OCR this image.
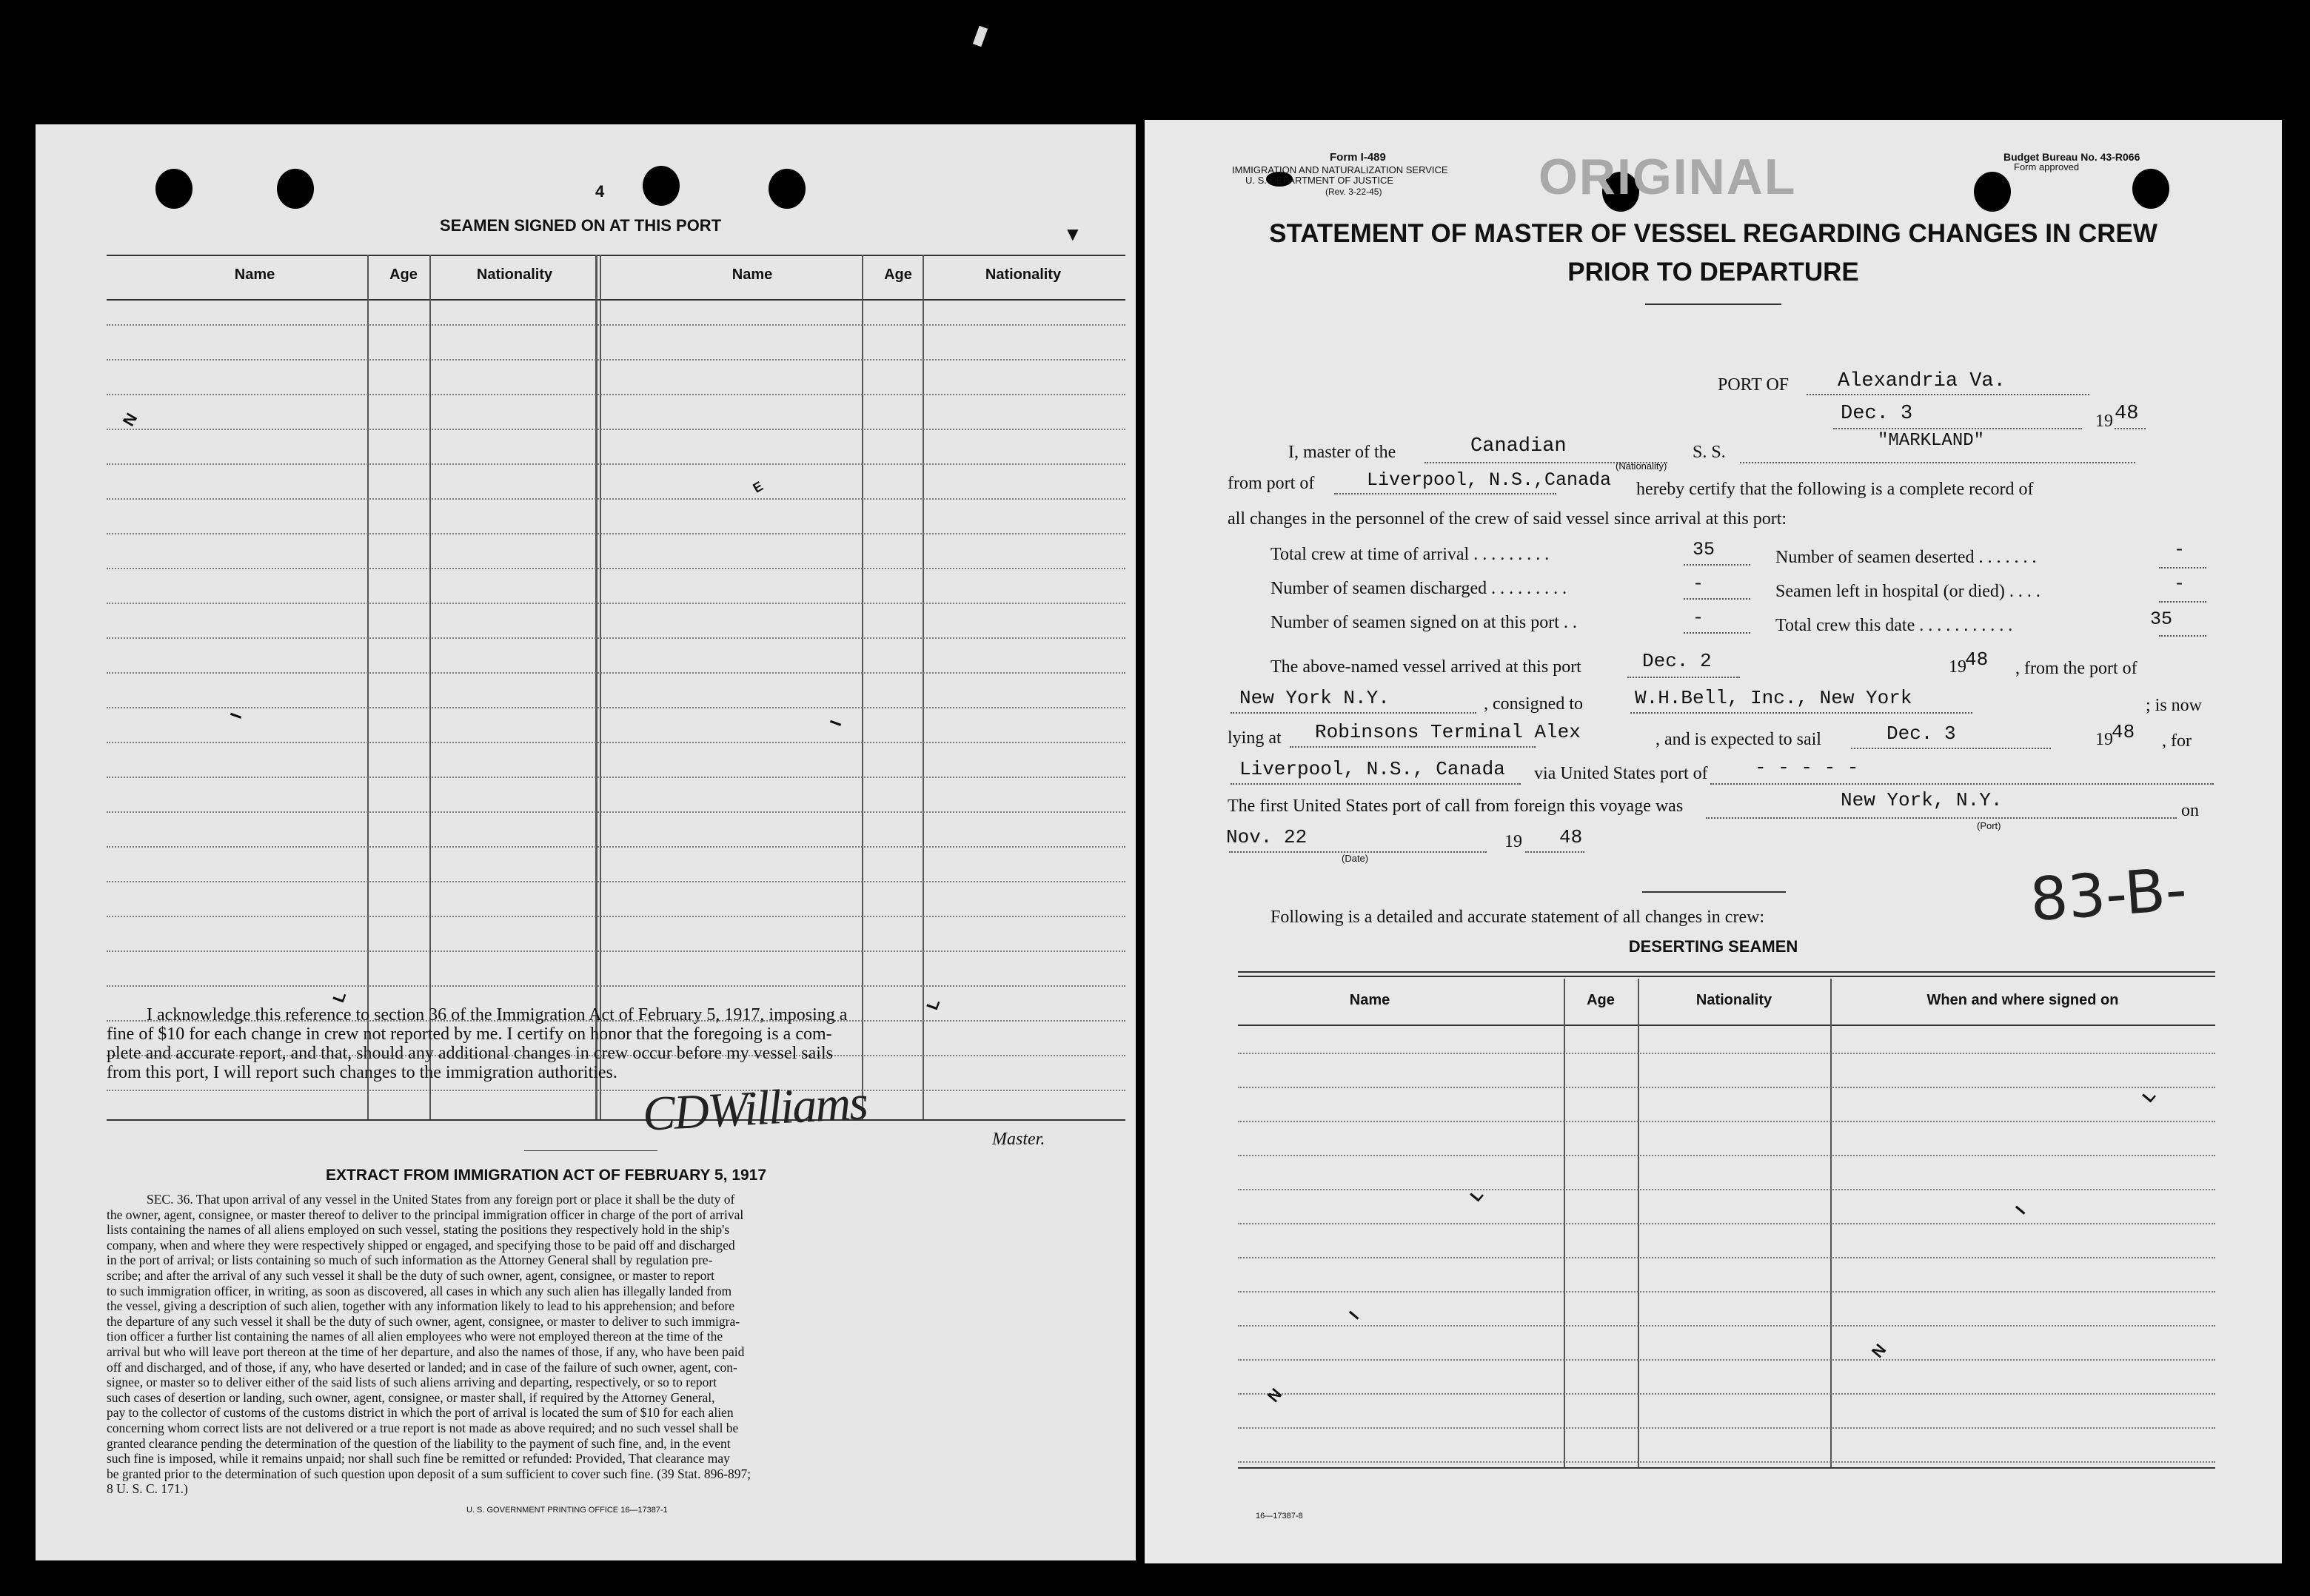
4
SEAMEN SIGNED ON AT THIS PORT	▼
Name	Age	Nationality	Name	Age	Nationality
N
I
L
E
I
L
I acknowledge this reference to section 36 of the Immigration Act of February 5, 1917, imposing a
fine of $10 for each change in crew not reported by me. I certify on honor that the foregoing is a com-
plete and accurate report, and that, should any additional changes in crew occur before my vessel sails
from this port, I will report such changes to the immigration authorities.
CDWilliams	Master.
EXTRACT FROM IMMIGRATION ACT OF FEBRUARY 5, 1917
SEC. 36. That upon arrival of any vessel in the United States from any foreign port or place it shall be the duty of
the owner, agent, consignee, or master thereof to deliver to the principal immigration officer in charge of the port of arrival
lists containing the names of all aliens employed on such vessel, stating the positions they respectively hold in the ship's
company, when and where they were respectively shipped or engaged, and specifying those to be paid off and discharged
in the port of arrival; or lists containing so much of such information as the Attorney General shall by regulation pre-
scribe; and after the arrival of any such vessel it shall be the duty of such owner, agent, consignee, or master to report
to such immigration officer, in writing, as soon as discovered, all cases in which any such alien has illegally landed from
the vessel, giving a description of such alien, together with any information likely to lead to his apprehension; and before
the departure of any such vessel it shall be the duty of such owner, agent, consignee, or master to deliver to such immigra-
tion officer a further list containing the names of all alien employees who were not employed thereon at the time of the
arrival but who will leave port thereon at the time of her departure, and also the names of those, if any, who have been paid
off and discharged, and of those, if any, who have deserted or landed; and in case of the failure of such owner, agent, con-
signee, or master so to deliver either of the said lists of such aliens arriving and departing, respectively, or so to report
such cases of desertion or landing, such owner, agent, consignee, or master shall, if required by the Attorney General,
pay to the collector of customs of the customs district in which the port of arrival is located the sum of $10 for each alien
concerning whom correct lists are not delivered or a true report is not made as above required; and no such vessel shall be
granted clearance pending the determination of the question of the liability to the payment of such fine, and, in the event
such fine is imposed, while it remains unpaid; nor shall such fine be remitted or refunded: Provided, That clearance may
be granted prior to the determination of such question upon deposit of a sum sufficient to cover such fine. (39 Stat. 896-897;
8 U. S. C. 171.)
U. S. GOVERNMENT PRINTING OFFICE 16—17387-1
IMMIGRATION AND NATURALIZATION SERVICE
U. S. DEPARTMENT OF JUSTICE
Form I-489
(Rev. 3-22-45)	ORIGINAL	Budget Bureau No. 43-R066
Form approved
STATEMENT OF MASTER OF VESSEL REGARDING CHANGES IN CREW
PRIOR TO DEPARTURE
PORT OF Alexandria Va.
Dec. 3	19 48
I, master of the	Canadian
(Nationality)
S. S.
"MARKLAND"
from port of	Liverpool, N.S.,Canada hereby certify that the following is a complete record of
all changes in the personnel of the crew of said vessel since arrival at this port:
Total crew at time of arrival . . . . . . . . .	35	Number of seamen deserted . . . . . . .	-
Number of seamen discharged . . . . . . . . .	-	Seamen left in hospital (or died) . . . .	-
Number of seamen signed on at this port . .	-	Total crew this date . . . . . . . . . . .	35
The above-named vessel arrived at this port	Dec. 2	19
48 , from the port of
New York N.Y.	, consigned to	W.H.Bell, Inc., New York	; is now
lying at Robinsons Terminal Alex	, and is expected to sail	Dec. 3	19
48 , for
Liverpool, N.S., Canada via United States port of - - - - -
The first United States port of call from foreign this voyage was	New York, N.Y.
(Port)
on
Nov. 22
(Date)
19 48
83-B-
Following is a detailed and accurate statement of all changes in crew:
DESERTING SEAMEN
Name	Age	Nationality	When and where signed on
N
I
L
N
I
L
16—17387-8
